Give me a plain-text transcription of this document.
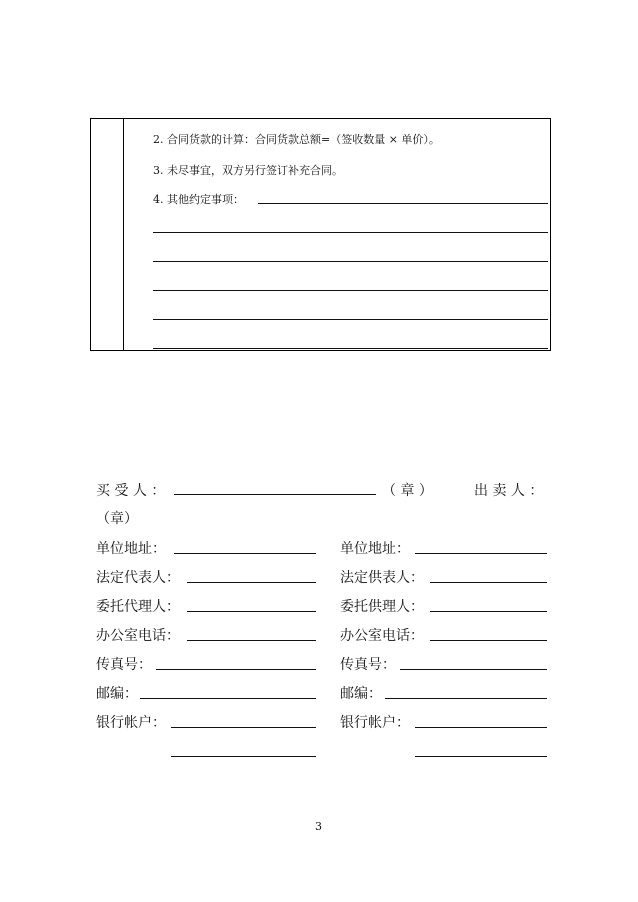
2. 合同货款的计算：合同货款总额=（签收数量 × 单价）。
3. 未尽事宜，双方另行签订补充合同。
4. 其他约定事项：
买 受 人 ：	（ 章 ）	出 卖 人 ：
（章）
单位地址：
法定代表人：
委托代理人：
办公室电话：
传真号：
邮编：
银行帐户：
单位地址：
法定供表人：
委托供理人：
办公室电话：
传真号：
邮编：
银行帐户：
3
